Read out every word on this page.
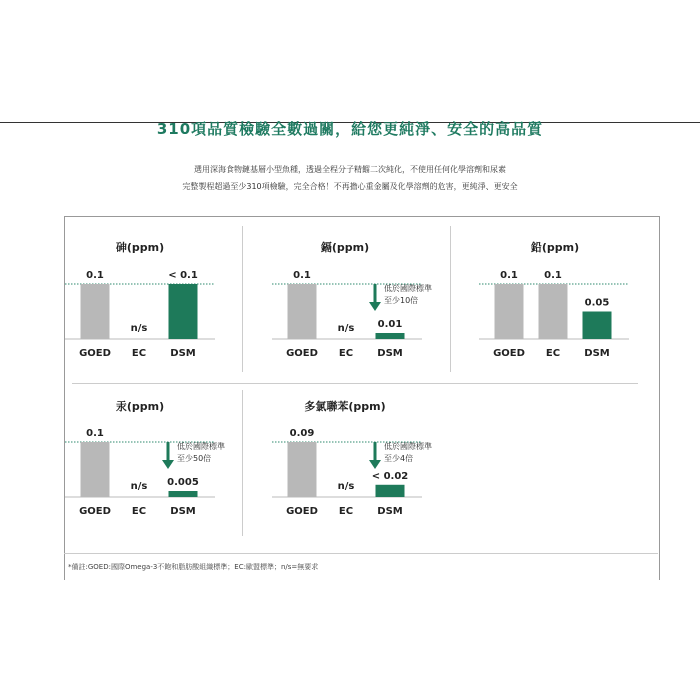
310項品質檢驗全數過關，給您更純淨、安全的高品質
選用深海食物鏈基層小型魚種，透過全程分子精餾二次純化，不使用任何化學溶劑和尿素
完整製程超過至少310項檢驗，完全合格！不再擔心重金屬及化學溶劑的危害，更純淨、更安全
*備註:GOED:國際Omega-3不飽和脂肪酸組織標準；EC:歐盟標準；n/s=無要求
砷(ppm)
0.1
GOED
n/s
EC
< 0.1
DSM
鎘(ppm)
0.1
GOED
n/s
EC
0.01
DSM
低於國際標準
至少10倍
鉛(ppm)
0.1
GOED
0.1
EC
0.05
DSM
汞(ppm)
0.1
GOED
n/s
EC
0.005
DSM
低於國際標準
至少50倍
多氯聯苯(ppm)
0.09
GOED
n/s
EC
< 0.02
DSM
低於國際標準
至少4倍
